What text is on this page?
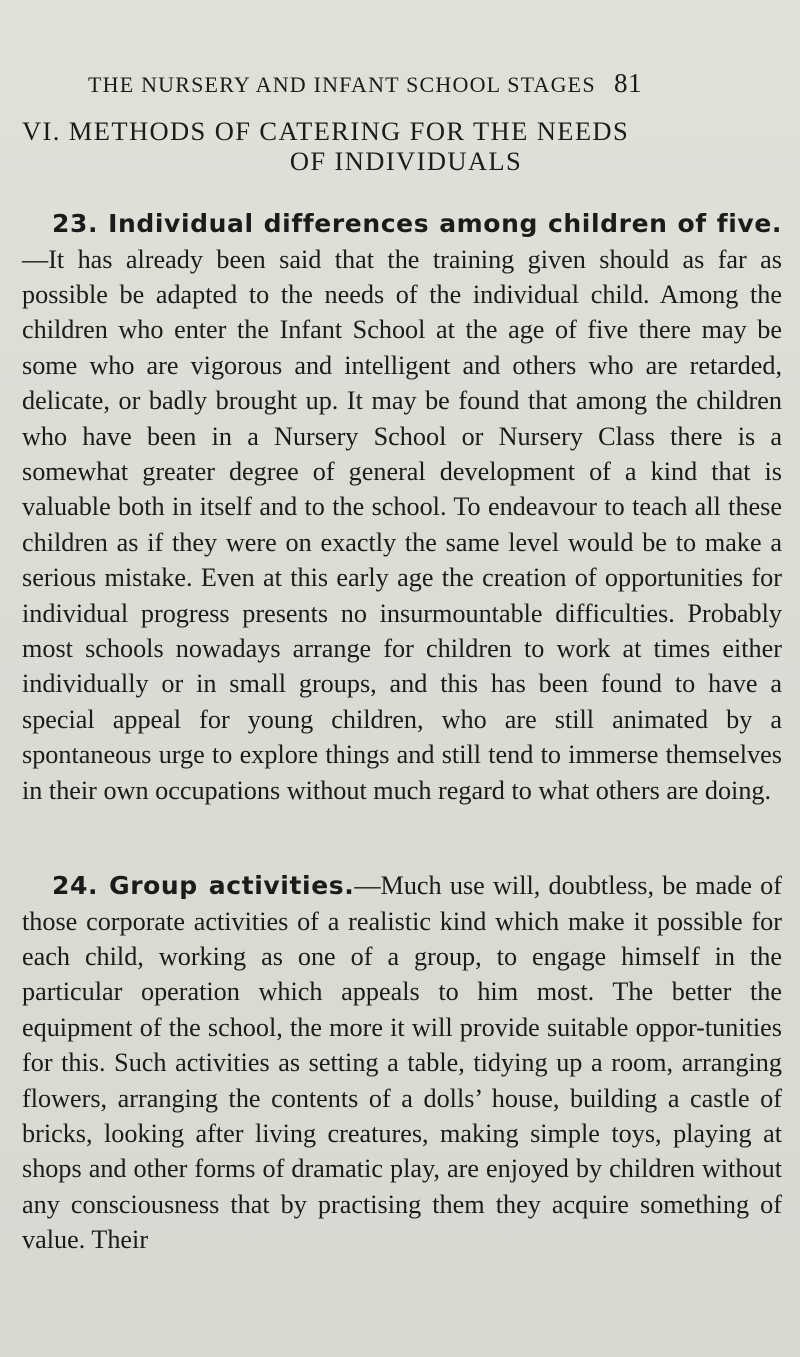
THE NURSERY AND INFANT SCHOOL STAGES 81
VI. METHODS OF CATERING FOR THE NEEDS
OF INDIVIDUALS

23. Individual differences among children of five.—It has already been said that the training given should as far as possible be adapted to the needs of the individual child. Among the children who enter the Infant School at the age of five there may be some who are vigorous and intelligent and others who are retarded, delicate, or badly brought up. It may be found that among the children who have been in a Nursery School or Nursery Class there is a somewhat greater degree of general development of a kind that is valuable both in itself and to the school. To endeavour to teach all these children as if they were on exactly the same level would be to make a serious mistake. Even at this early age the creation of opportunities for individual progress presents no insurmountable difficulties. Probably most schools nowadays arrange for children to work at times either individually or in small groups, and this has been found to have a special appeal for young children, who are still animated by a spontaneous urge to explore things and still tend to immerse themselves in their own occupations without much regard to what others are doing.

24. Group activities.—Much use will, doubtless, be made of those corporate activities of a realistic kind which make it possible for each child, working as one of a group, to engage himself in the particular operation which appeals to him most. The better the equipment of the school, the more it will provide suitable oppor-tunities for this. Such activities as setting a table, tidying up a room, arranging flowers, arranging the contents of a dolls’ house, building a castle of bricks, looking after living creatures, making simple toys, playing at shops and other forms of dramatic play, are enjoyed by children without any consciousness that by practising them they acquire something of value. Their
